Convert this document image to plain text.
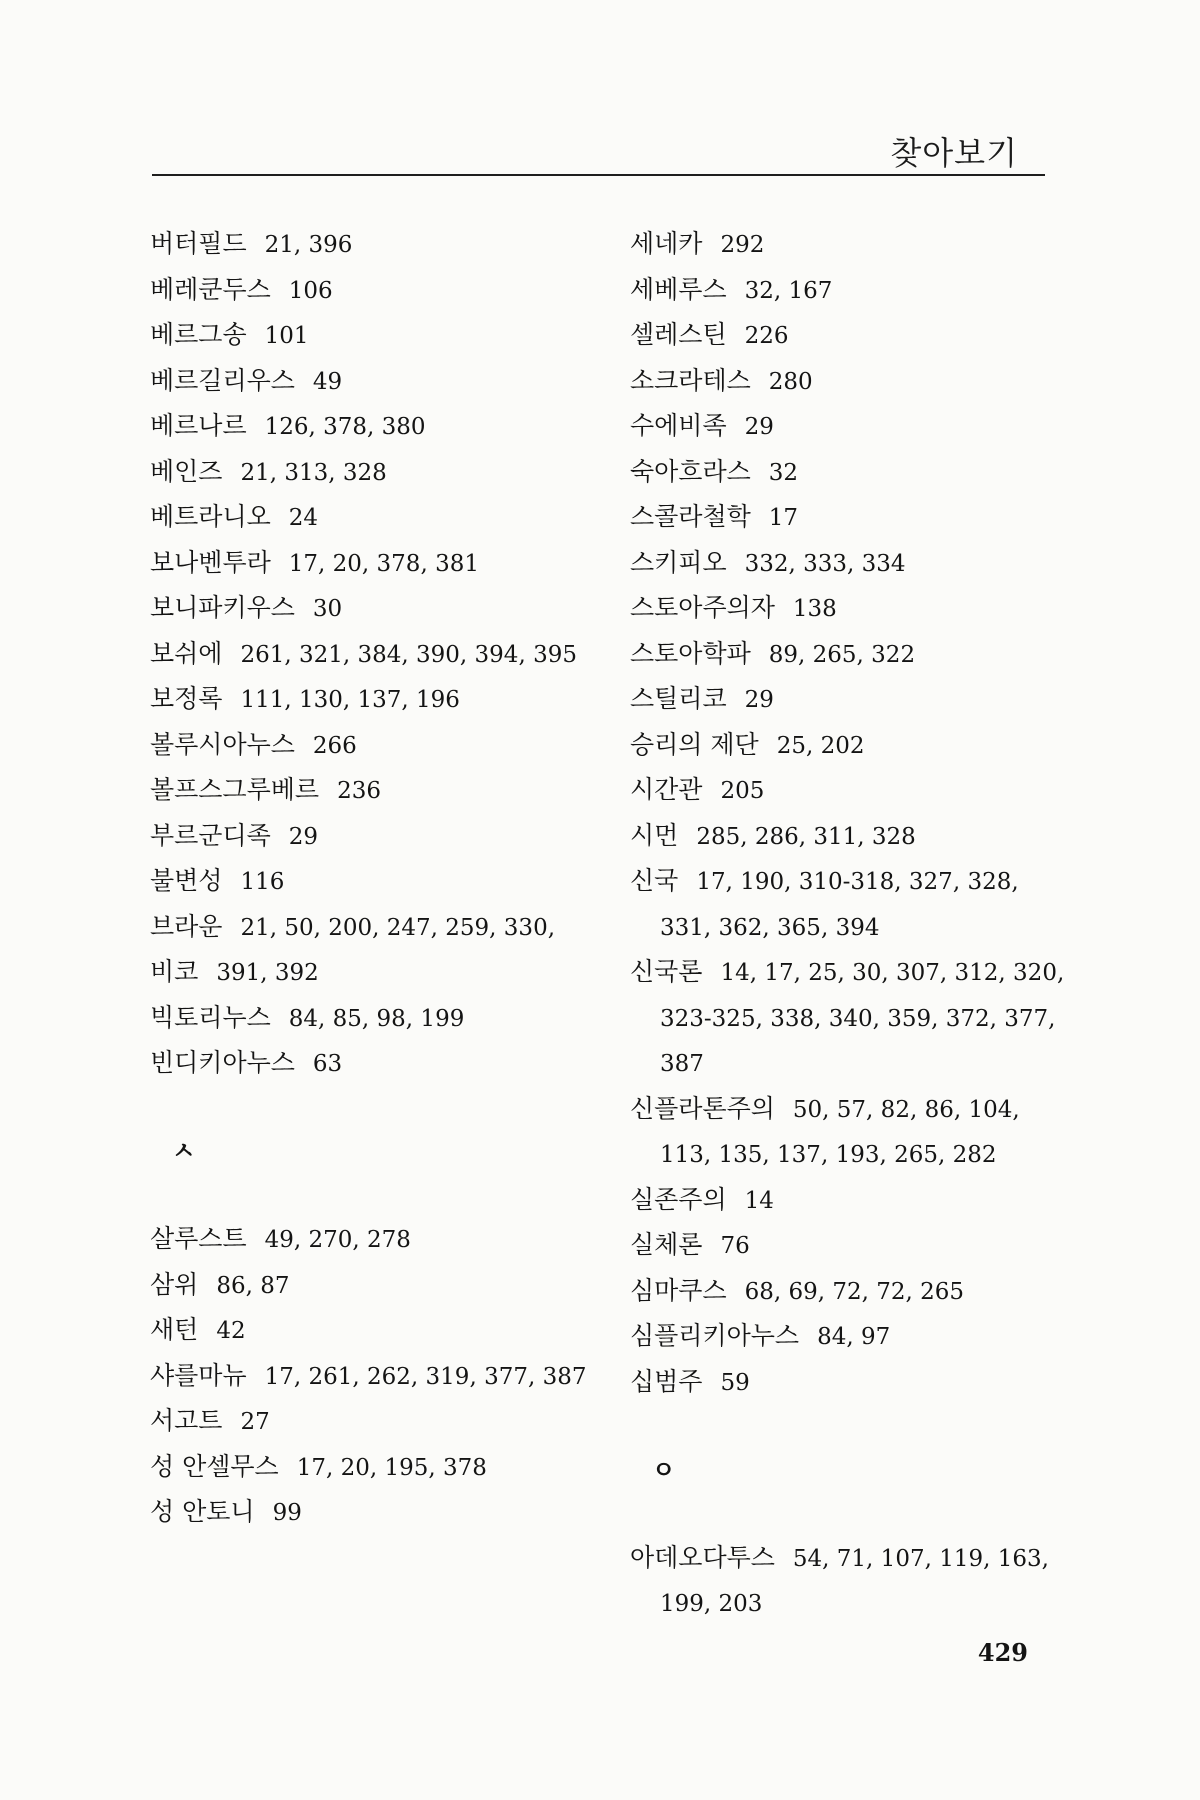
찾아보기
버터필드 21, 396
베레쿤두스 106
베르그송 101
베르길리우스 49
베르나르 126, 378, 380
베인즈 21, 313, 328
베트라니오 24
보나벤투라 17, 20, 378, 381
보니파키우스 30
보쉬에 261, 321, 384, 390, 394, 395
보정록 111, 130, 137, 196
볼루시아누스 266
볼프스그루베르 236
부르군디족 29
불변성 116
브라운 21, 50, 200, 247, 259, 330,
비코 391, 392
빅토리누스 84, 85, 98, 199
빈디키아누스 63
ㅅ
살루스트 49, 270, 278
삼위 86, 87
새턴 42
샤를마뉴 17, 261, 262, 319, 377, 387
서고트 27
성 안셀무스 17, 20, 195, 378
성 안토니 99
세네카 292
세베루스 32, 167
셀레스틴 226
소크라테스 280
수에비족 29
숙아흐라스 32
스콜라철학 17
스키피오 332, 333, 334
스토아주의자 138
스토아학파 89, 265, 322
스틸리코 29
승리의 제단 25, 202
시간관 205
시먼 285, 286, 311, 328
신국 17, 190, 310-318, 327, 328, 331, 362, 365, 394
신국론 14, 17, 25, 30, 307, 312, 320, 323-325, 338, 340, 359, 372, 377, 387
신플라톤주의 50, 57, 82, 86, 104, 113, 135, 137, 193, 265, 282
실존주의 14
실체론 76
심마쿠스 68, 69, 72, 72, 265
심플리키아누스 84, 97
십범주 59
ㅇ
아데오다투스 54, 71, 107, 119, 163, 199, 203
429
